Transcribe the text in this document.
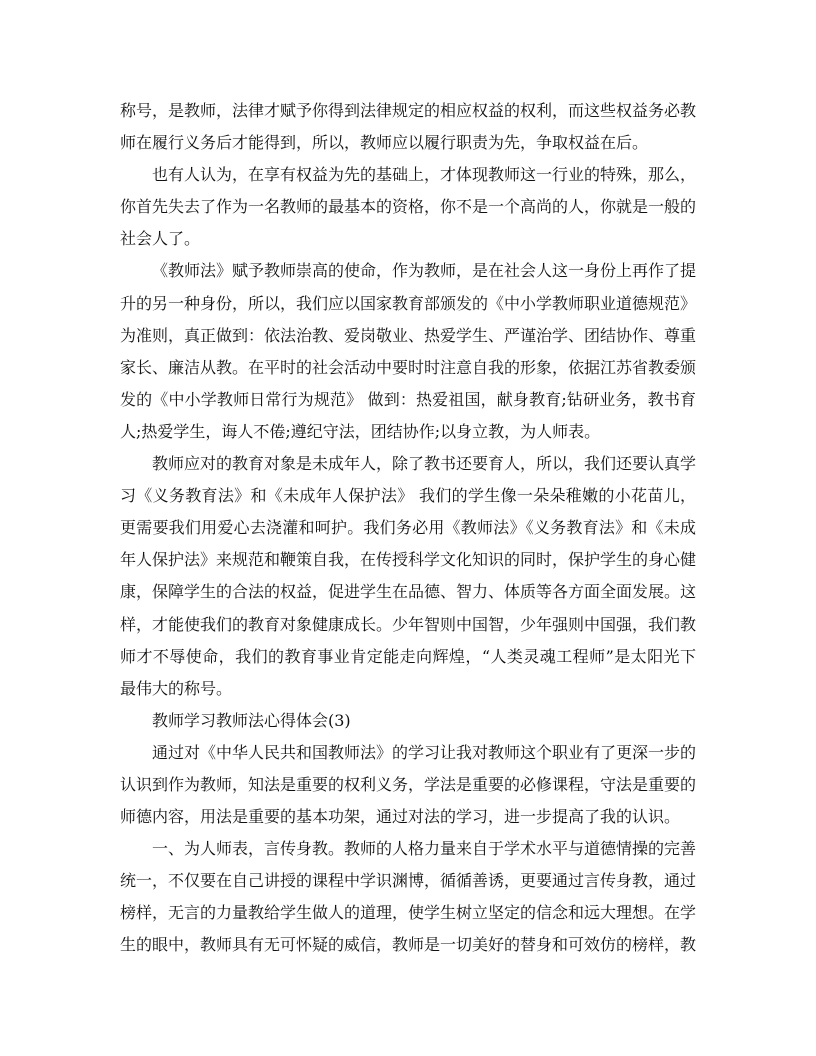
称号，是教师，法律才赋予你得到法律规定的相应权益的权利，而这些权益务必教师在履行义务后才能得到，所以，教师应以履行职责为先，争取权益在后。

也有人认为，在享有权益为先的基础上，才体现教师这一行业的特殊，那么，你首先失去了作为一名教师的最基本的资格，你不是一个高尚的人，你就是一般的社会人了。

《教师法》赋予教师崇高的使命，作为教师，是在社会人这一身份上再作了提升的另一种身份，所以，我们应以国家教育部颁发的《中小学教师职业道德规范》为准则，真正做到：依法治教、爱岗敬业、热爱学生、严谨治学、团结协作、尊重家长、廉洁从教。在平时的社会活动中要时时注意自我的形象，依据江苏省教委颁发的《中小学教师日常行为规范》 做到：热爱祖国，献身教育;钻研业务，教书育人;热爱学生，诲人不倦;遵纪守法，团结协作;以身立教，为人师表。

教师应对的教育对象是未成年人，除了教书还要育人，所以，我们还要认真学习《义务教育法》和《未成年人保护法》 我们的学生像一朵朵稚嫩的小花苗儿，更需要我们用爱心去浇灌和呵护。我们务必用《教师法》《义务教育法》和《未成年人保护法》来规范和鞭策自我，在传授科学文化知识的同时，保护学生的身心健康，保障学生的合法的权益，促进学生在品德、智力、体质等各方面全面发展。这样，才能使我们的教育对象健康成长。少年智则中国智，少年强则中国强，我们教师才不辱使命，我们的教育事业肯定能走向辉煌，“人类灵魂工程师”是太阳光下最伟大的称号。

教师学习教师法心得体会(3)

通过对《中华人民共和国教师法》的学习让我对教师这个职业有了更深一步的认识到作为教师，知法是重要的权利义务，学法是重要的必修课程，守法是重要的师德内容，用法是重要的基本功架，通过对法的学习，进一步提高了我的认识。

一、为人师表，言传身教。教师的人格力量来自于学术水平与道德情操的完善统一，不仅要在自己讲授的课程中学识渊博，循循善诱，更要通过言传身教，通过榜样，无言的力量教给学生做人的道理，使学生树立坚定的信念和远大理想。在学生的眼中，教师具有无可怀疑的威信，教师是一切美好的替身和可效仿的榜样，教
